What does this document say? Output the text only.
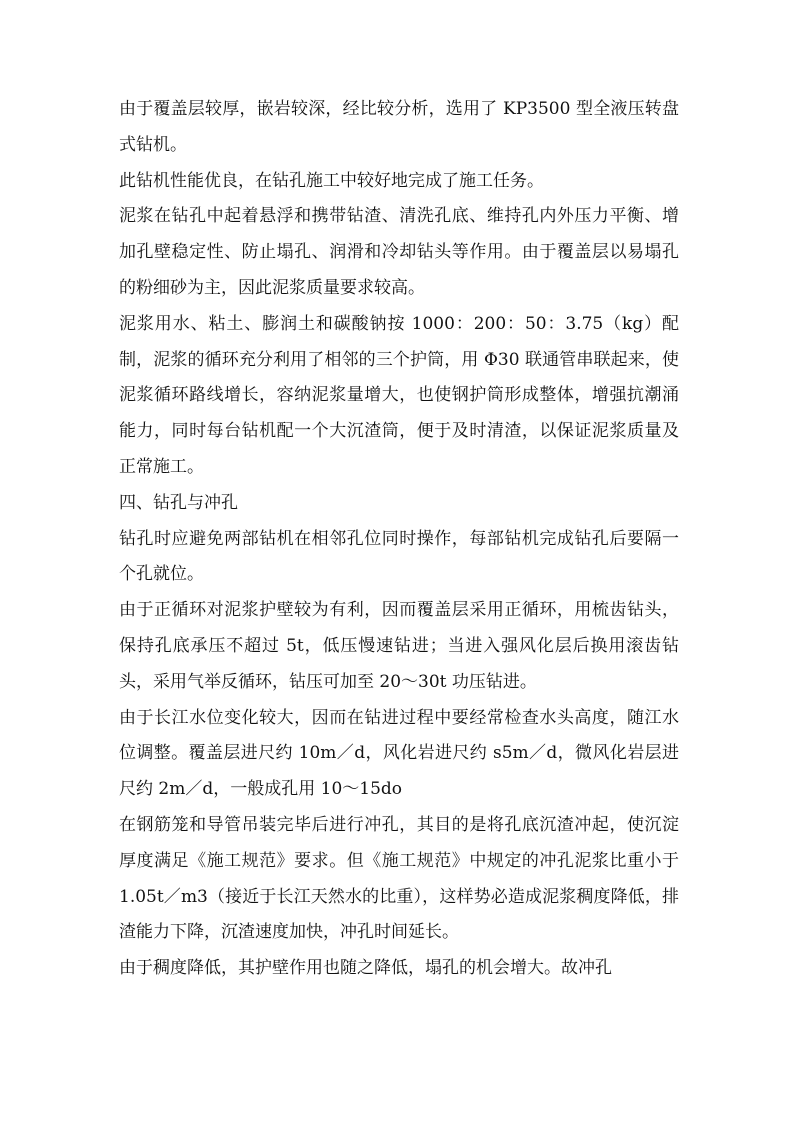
由于覆盖层较厚，嵌岩较深，经比较分析，选用了 KP3500 型全液压转盘式钻机。

此钻机性能优良，在钻孔施工中较好地完成了施工任务。

泥浆在钻孔中起着悬浮和携带钻渣、清洗孔底、维持孔内外压力平衡、增加孔壁稳定性、防止塌孔、润滑和冷却钻头等作用。由于覆盖层以易塌孔的粉细砂为主，因此泥浆质量要求较高。

泥浆用水、粘土、膨润土和碳酸钠按 1000：200：50：3.75（kg）配制，泥浆的循环充分利用了相邻的三个护筒，用 Φ30 联通管串联起来，使泥浆循环路线增长，容纳泥浆量增大，也使钢护筒形成整体，增强抗潮涌能力，同时每台钻机配一个大沉渣筒，便于及时清渣，以保证泥浆质量及正常施工。

四、钻孔与冲孔

钻孔时应避免两部钻机在相邻孔位同时操作，每部钻机完成钻孔后要隔一个孔就位。

由于正循环对泥浆护壁较为有利，因而覆盖层采用正循环，用梳齿钻头，保持孔底承压不超过 5t，低压慢速钻进；当进入强风化层后换用滚齿钻头，采用气举反循环，钻压可加至 20～30t 功压钻进。

由于长江水位变化较大，因而在钻进过程中要经常检查水头高度，随江水位调整。覆盖层进尺约 10m／d，风化岩进尺约 s5m／d，微风化岩层进尺约 2m／d，一般成孔用 10～15do

在钢筋笼和导管吊装完毕后进行冲孔，其目的是将孔底沉渣冲起，使沉淀厚度满足《施工规范》要求。但《施工规范》中规定的冲孔泥浆比重小于 1.05t／m3（接近于长江天然水的比重），这样势必造成泥浆稠度降低，排渣能力下降，沉渣速度加快，冲孔时间延长。

由于稠度降低，其护壁作用也随之降低，塌孔的机会增大。故冲孔
